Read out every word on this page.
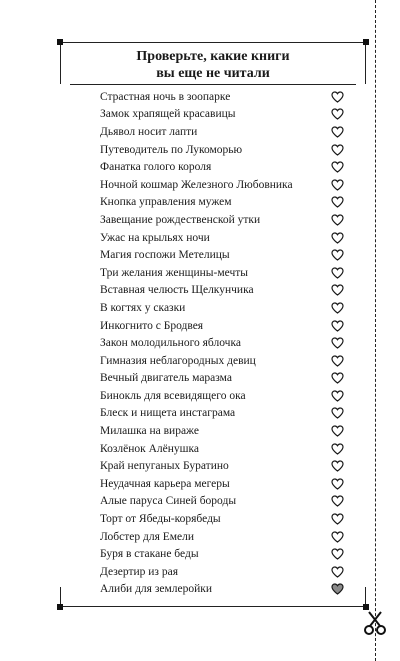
Проверьте, какие книги
вы еще не читали
Страстная ночь в зоопарке
Замок храпящей красавицы
Дьявол носит лапти
Путеводитель по Лукоморью
Фанатка голого короля
Ночной кошмар Железного Любовника
Кнопка управления мужем
Завещание рождественской утки
Ужас на крыльях ночи
Магия госпожи Метелицы
Три желания женщины-мечты
Вставная челюсть Щелкунчика
В когтях у сказки
Инкогнито с Бродвея
Закон молодильного яблочка
Гимназия неблагородных девиц
Вечный двигатель маразма
Бинокль для всевидящего ока
Блеск и нищета инстаграма
Милашка на вираже
Козлёнок Алёнушка
Край непуганых Буратино
Неудачная карьера мегеры
Алые паруса Синей бороды
Торт от Ябеды-корябеды
Лобстер для Емели
Буря в стакане беды
Дезертир из рая
Алиби для землеройки
